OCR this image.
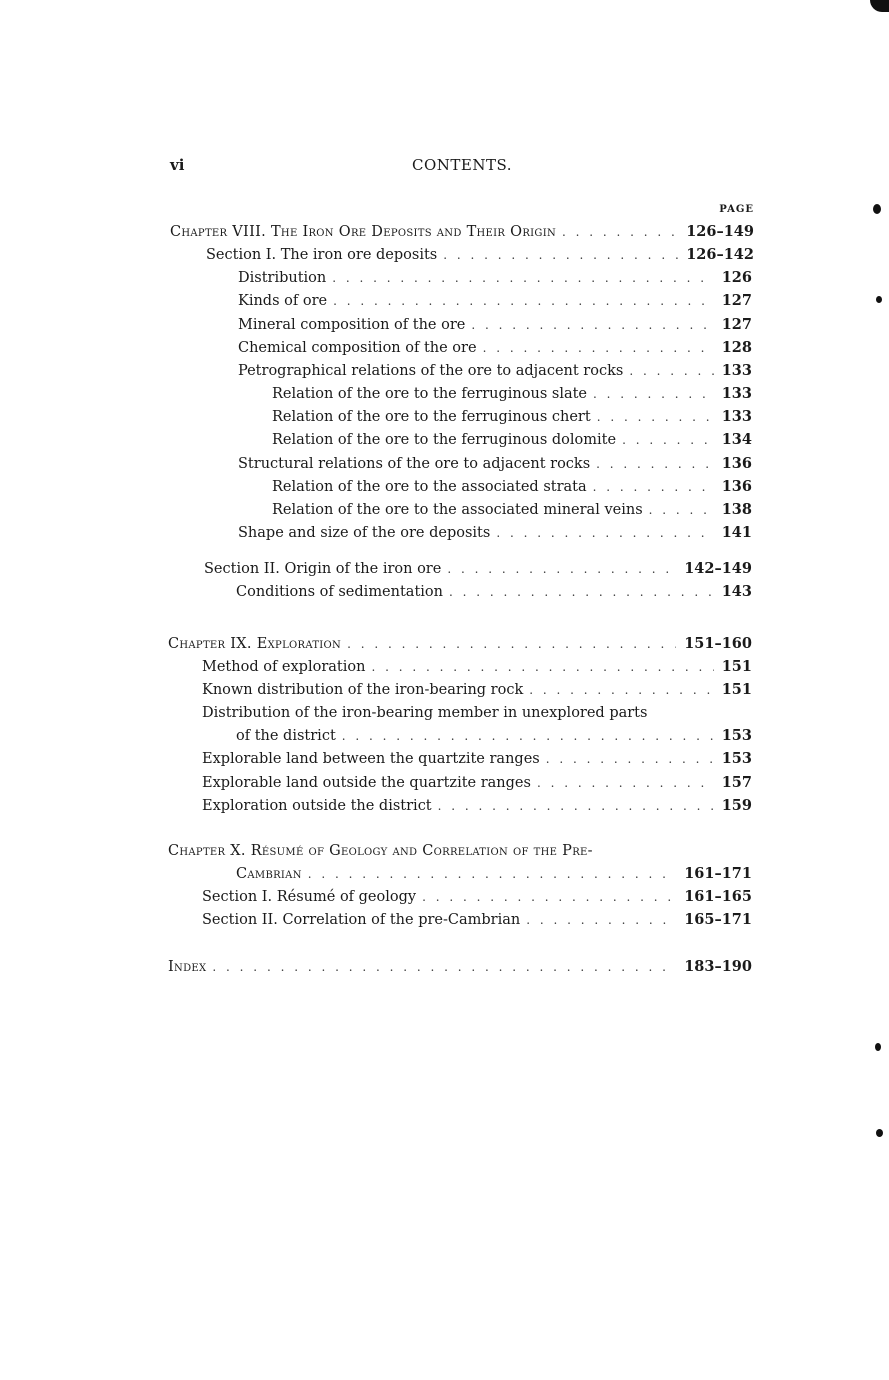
vi	CONTENTS.
PAGE
Chapter VIII. The Iron Ore Deposits and Their Origin . . .	126–149
Section I. The iron ore deposits . . .	126–142
Distribution . . .	126
Kinds of ore . . .	127
Mineral composition of the ore . . .	127
Chemical composition of the ore . . .	128
Petrographical relations of the ore to adjacent rocks . . .	133
Relation of the ore to the ferruginous slate . . .	133
Relation of the ore to the ferruginous chert . . .	133
Relation of the ore to the ferruginous dolomite . . .	134
Structural relations of the ore to adjacent rocks . . .	136
Relation of the ore to the associated strata . . .	136
Relation of the ore to the associated mineral veins . . .	138
Shape and size of the ore deposits . . .	141
Section II. Origin of the iron ore . . .	142–149
Conditions of sedimentation . . .	143
Chapter IX. Exploration . . .	151–160
Method of exploration . . .	151
Known distribution of the iron-bearing rock . . .	151
Distribution of the iron-bearing member in unexplored parts
of the district . . .	153
Explorable land between the quartzite ranges . . .	153
Explorable land outside the quartzite ranges . . .	157
Exploration outside the district . . .	159
Chapter X. Résumé of Geology and Correlation of the Pre-
Cambrian . . .	161–171
Section I. Résumé of geology . . .	161–165
Section II. Correlation of the pre-Cambrian . . .	165–171
Index . . .	183–190
